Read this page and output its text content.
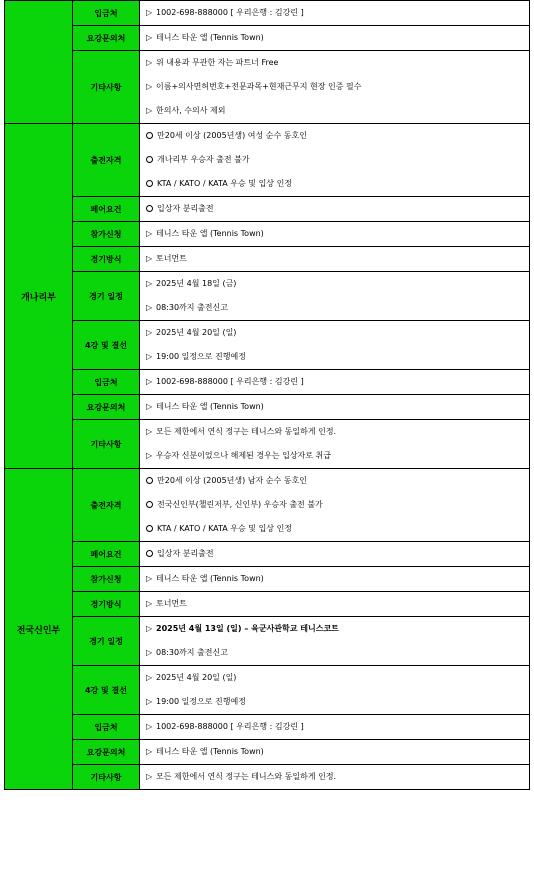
	입금처	▷ 1002-698-888000 [ 우리은행 : 김강린 ]

	요강문의처	▷ 테니스 타운 앱 (Tennis Town)

	기타사항	▷ 위 내용과 무관한 자는 파트너 Free
▷ 이름+의사면허번호+전문과목+현재근무지 현장 인증 필수
▷ 한의사, 수의사 제외

개나리부	출전자격	만20세 이상 (2005년생) 여성 순수 동호인
개나리부 우승자 출전 불가
KTA / KATO / KATA 우승 및 입상 인정

	페어요건	입상자 분리출전

	참가신청	▷ 테니스 타운 앱 (Tennis Town)

	경기방식	▷ 토너먼트

	경기 일정	▷ 2025년 4월 18일 (금)
▷ 08:30까지 출전신고

	4강 및 결선	▷ 2025년 4월 20일 (일)
▷ 19:00 일정으로 진행예정

	입금처	▷ 1002-698-888000 [ 우리은행 : 김강린 ]

	요강문의처	▷ 테니스 타운 앱 (Tennis Town)

	기타사항	▷ 모든 제한에서 연식 정구는 테니스와 동일하게 인정.
▷ 우승자 신분이었으나 해제된 경우는 입상자로 취급

전국신인부	출전자격	만20세 이상 (2005년생) 남자 순수 동호인
전국신인부(챌린저부, 신인부) 우승자 출전 불가
KTA / KATO / KATA 우승 및 입상 인정

	페어요건	입상자 분리출전

	참가신청	▷ 테니스 타운 앱 (Tennis Town)

	경기방식	▷ 토너먼트

	경기 일정	▷ 2025년 4월 13일 (일) – 육군사관학교 테니스코트
▷ 08:30까지 출전신고

	4강 및 결선	▷ 2025년 4월 20일 (일)
▷ 19:00 일정으로 진행예정

	입금처	▷ 1002-698-888000 [ 우리은행 : 김강린 ]

	요강문의처	▷ 테니스 타운 앱 (Tennis Town)

	기타사항	▷ 모든 제한에서 연식 정구는 테니스와 동일하게 인정.
